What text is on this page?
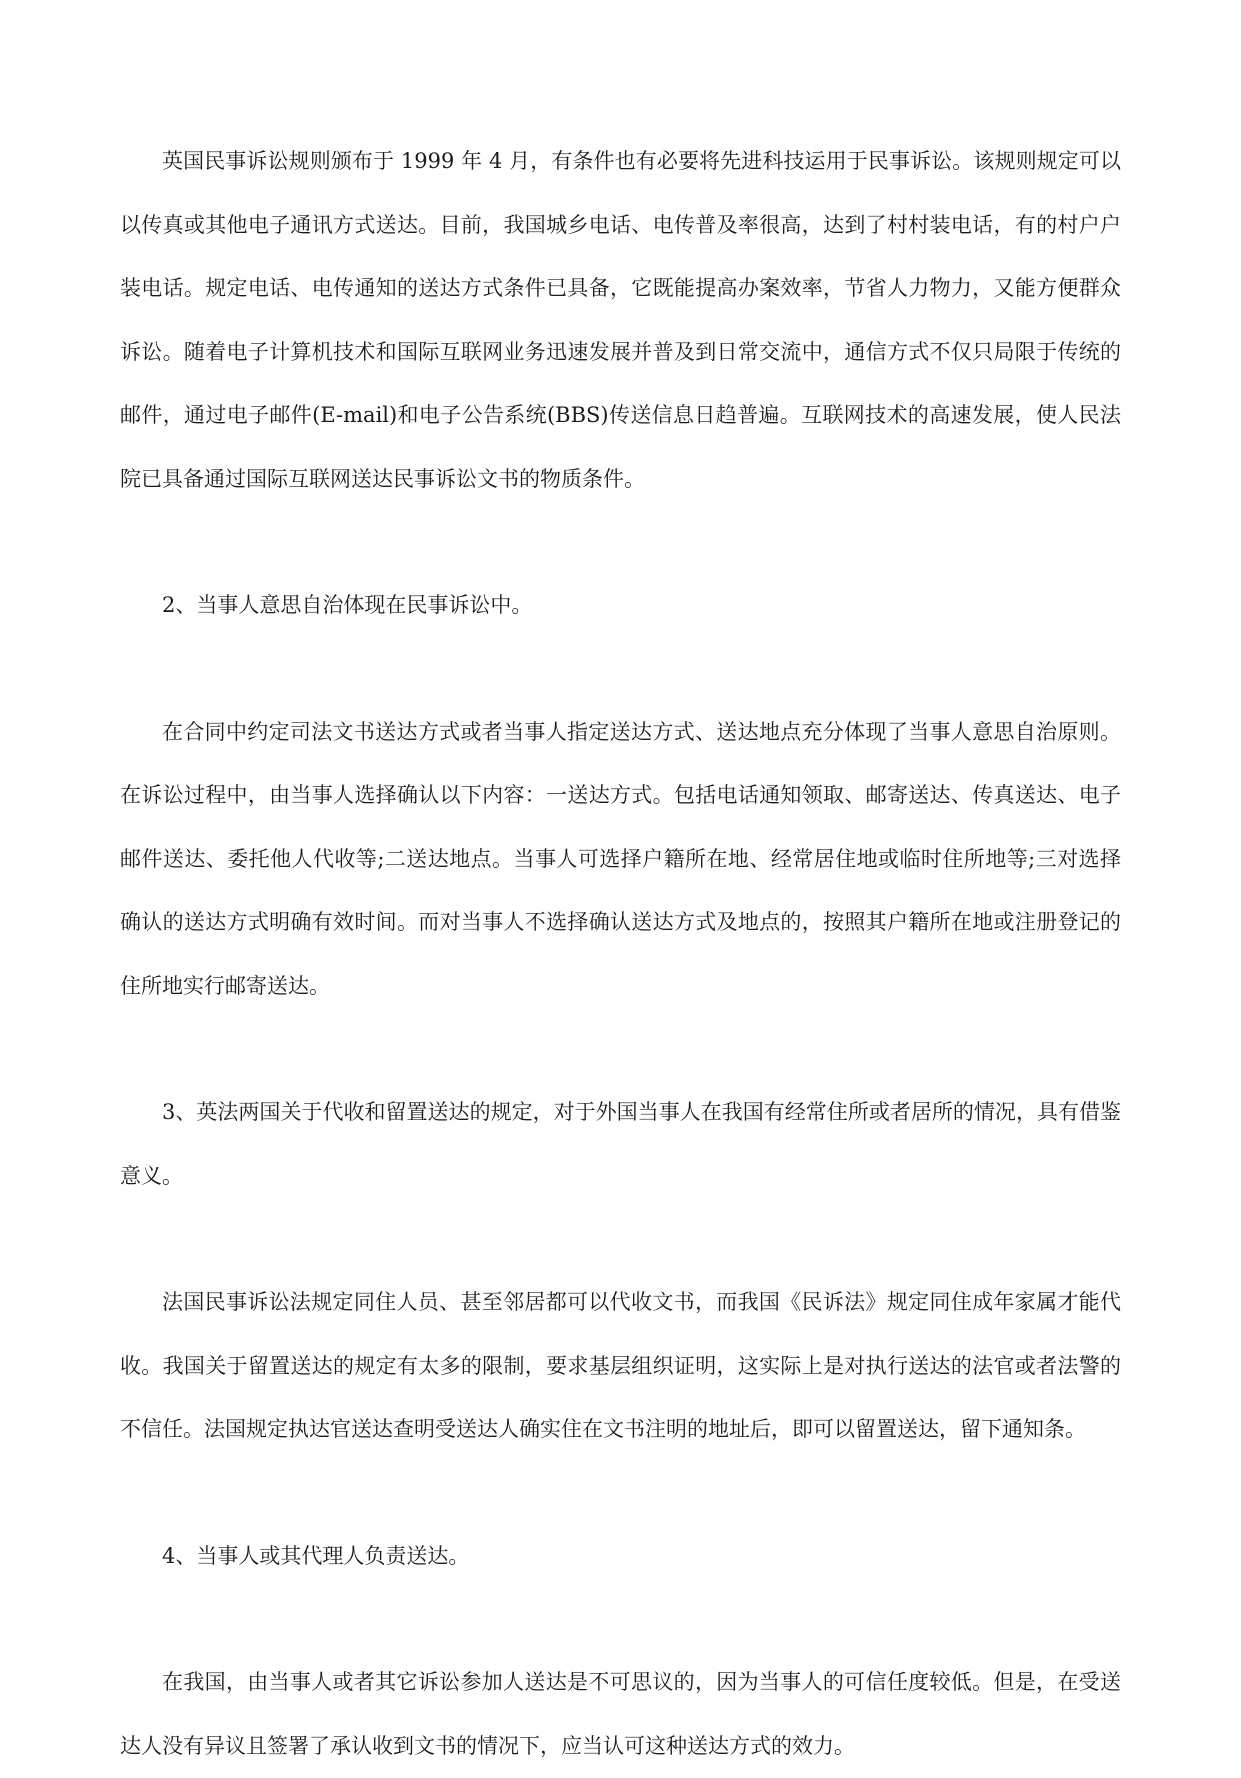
英国民事诉讼规则颁布于 1999 年 4 月，有条件也有必要将先进科技运用于民事诉讼。该规则规定可以以传真或其他电子通讯方式送达。目前，我国城乡电话、电传普及率很高，达到了村村装电话，有的村户户装电话。规定电话、电传通知的送达方式条件已具备，它既能提高办案效率，节省人力物力，又能方便群众诉讼。随着电子计算机技术和国际互联网业务迅速发展并普及到日常交流中，通信方式不仅只局限于传统的邮件，通过电子邮件(E-mail)和电子公告系统(BBS)传送信息日趋普遍。互联网技术的高速发展，使人民法院已具备通过国际互联网送达民事诉讼文书的物质条件。

2、当事人意思自治体现在民事诉讼中。

在合同中约定司法文书送达方式或者当事人指定送达方式、送达地点充分体现了当事人意思自治原则。在诉讼过程中，由当事人选择确认以下内容：一送达方式。包括电话通知领取、邮寄送达、传真送达、电子邮件送达、委托他人代收等;二送达地点。当事人可选择户籍所在地、经常居住地或临时住所地等;三对选择确认的送达方式明确有效时间。而对当事人不选择确认送达方式及地点的，按照其户籍所在地或注册登记的住所地实行邮寄送达。

3、英法两国关于代收和留置送达的规定，对于外国当事人在我国有经常住所或者居所的情况，具有借鉴意义。

法国民事诉讼法规定同住人员、甚至邻居都可以代收文书，而我国《民诉法》规定同住成年家属才能代收。我国关于留置送达的规定有太多的限制，要求基层组织证明，这实际上是对执行送达的法官或者法警的不信任。法国规定执达官送达查明受送达人确实住在文书注明的地址后，即可以留置送达，留下通知条。

4、当事人或其代理人负责送达。

在我国，由当事人或者其它诉讼参加人送达是不可思议的，因为当事人的可信任度较低。但是，在受送达人没有异议且签署了承认收到文书的情况下，应当认可这种送达方式的效力。
